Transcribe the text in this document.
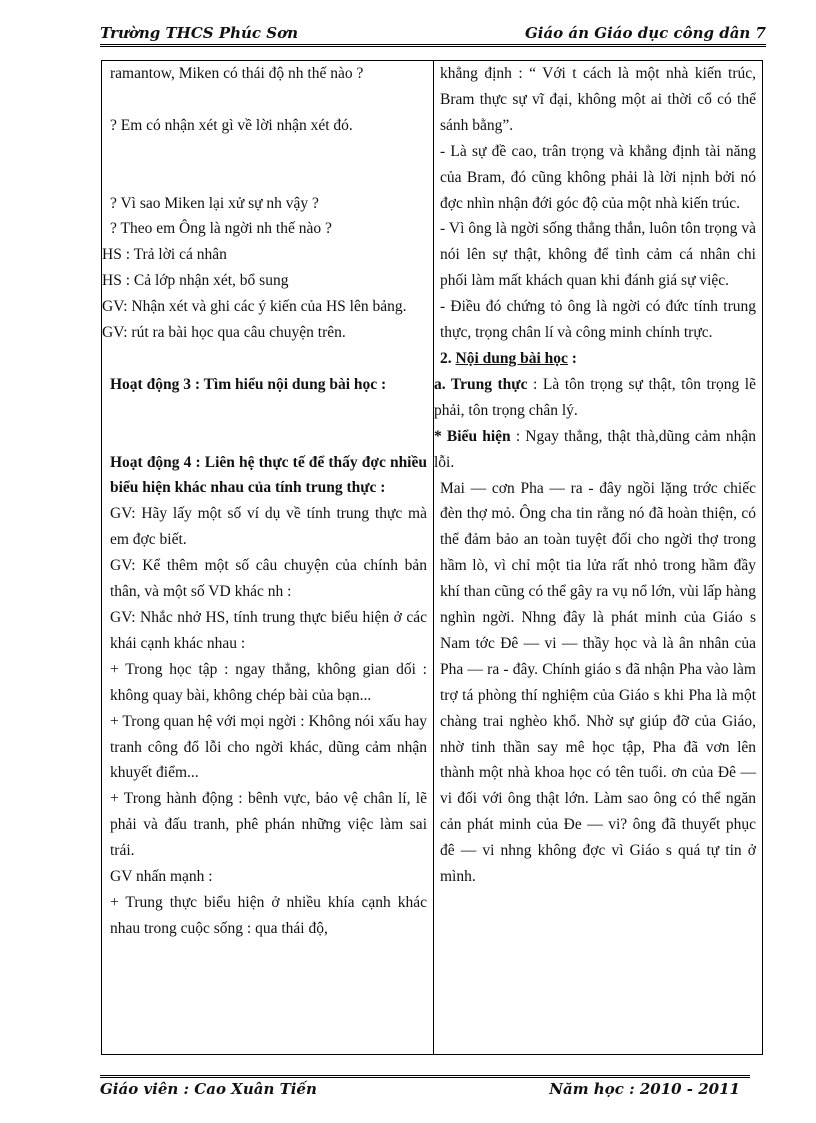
Trường THCS Phúc Sơn	Giáo án Giáo dục công dân 7

ramantow, Miken có thái độ nh thế nào ?

? Em có nhận xét gì về lời nhận xét đó.

? Vì sao Miken lại xử sự nh vậy ?

? Theo em Ông là ngời nh thế nào ?

HS : Trả lời cá nhân

HS : Cả lớp nhận xét, bổ sung

GV: Nhận xét và ghi các ý kiến của HS lên bảng.

GV: rút ra bài học qua câu chuyện trên.

Hoạt động 3 : Tìm hiểu nội dung bài học :

Hoạt động 4 : Liên hệ thực tế để thấy đợc nhiều biểu hiện khác nhau của tính trung thực :

GV: Hãy lấy một số ví dụ về tính trung thực mà em đợc biết.

GV: Kể thêm một số câu chuyện của chính bản thân, và một số VD khác nh :

GV: Nhắc nhở HS, tính trung thực biểu hiện ở các khái cạnh khác nhau :

+ Trong học tập : ngay thẳng, không gian dối : không quay bài, không chép bài của bạn...

+ Trong quan hệ với mọi ngời : Không nói xấu hay tranh công đổ lỗi cho ngời khác, dũng cảm nhận khuyết điểm...

+ Trong hành động : bênh vực, bảo vệ chân lí, lẽ phải và đấu tranh, phê phán những việc làm sai trái.

GV nhấn mạnh :

+ Trung thực biểu hiện ở nhiều khía cạnh khác nhau trong cuộc sống : qua thái độ,

khẳng định : “ Với t cách là một nhà kiến trúc, Bram thực sự vĩ đại, không một ai thời cổ có thể sánh bằng”.

- Là sự đề cao, trân trọng và khẳng định tài năng của Bram, đó cũng không phải là lời nịnh bởi nó đợc nhìn nhận đới góc độ của một nhà kiến trúc.

- Vì ông là ngời sống thẳng thắn, luôn tôn trọng và nói lên sự thật, không để tình cảm cá nhân chi phối làm mất khách quan khi đánh giá sự việc.

- Điều đó chứng tỏ ông là ngời có đức tính trung thực, trọng chân lí và công minh chính trực.

2. Nội dung bài học :

a. Trung thực : Là tôn trọng sự thật, tôn trọng lẽ phải, tôn trọng chân lý.

* Biểu hiện : Ngay thẳng, thật thà,dũng cảm nhận lỗi.

Mai — cơn Pha — ra - đây ngồi lặng trớc chiếc đèn thợ mỏ. Ông cha tin rằng nó đã hoàn thiện, có thể đảm bảo an toàn tuyệt đối cho ngời thợ trong hầm lò, vì chỉ một tia lửa rất nhỏ trong hầm đầy khí than cũng có thể gây ra vụ nổ lớn, vùi lấp hàng nghìn ngời. Nhng đây là phát minh của Giáo s Nam tớc Đê — vi — thầy học và là ân nhân của Pha — ra - đây. Chính giáo s đã nhận Pha vào làm trợ tá phòng thí nghiệm của Giáo s khi Pha là một chàng trai nghèo khổ. Nhờ sự giúp đỡ của Giáo, nhờ tinh thần say mê học tập, Pha đã vơn lên thành một nhà khoa học có tên tuổi. ơn của Đê — vi đối với ông thật lớn. Làm sao ông có thể ngăn cản phát minh của Đe — vi? ông đã thuyết phục đê — vi nhng không đợc vì Giáo s quá tự tin ở mình.

Giáo viên : Cao Xuân Tiến	Năm học : 2010 - 2011
